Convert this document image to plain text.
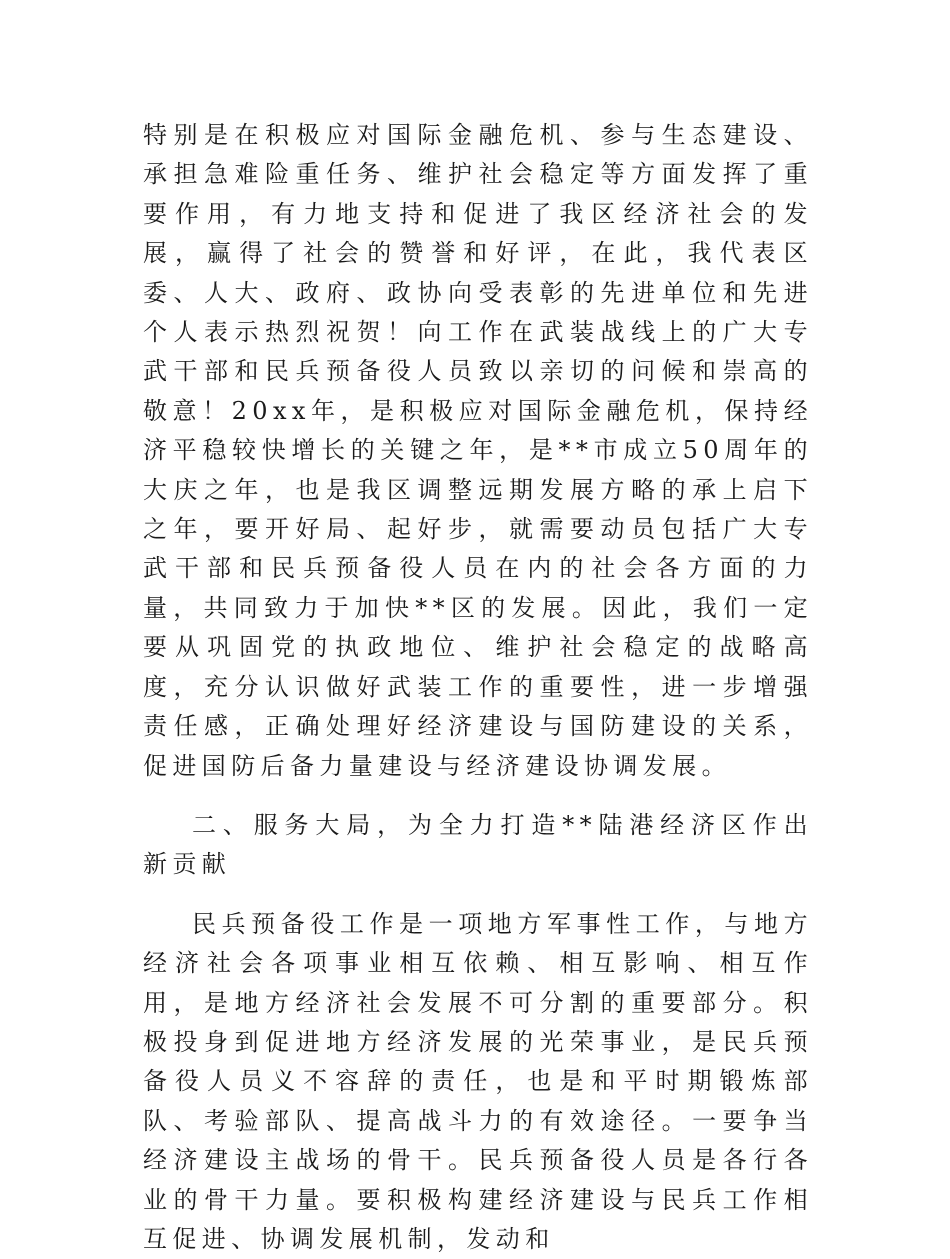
特别是在积极应对国际金融危机、参与生态建设、承担急难险重任务、维护社会稳定等方面发挥了重要作用，有力地支持和促进了我区经济社会的发展，赢得了社会的赞誉和好评，在此，我代表区委、人大、政府、政协向受表彰的先进单位和先进个人表示热烈祝贺！向工作在武装战线上的广大专武干部和民兵预备役人员致以亲切的问候和崇高的敬意！20xx年，是积极应对国际金融危机，保持经济平稳较快增长的关键之年，是**市成立50周年的大庆之年，也是我区调整远期发展方略的承上启下之年，要开好局、起好步，就需要动员包括广大专武干部和民兵预备役人员在内的社会各方面的力量，共同致力于加快**区的发展。因此，我们一定要从巩固党的执政地位、维护社会稳定的战略高度，充分认识做好武装工作的重要性，进一步增强责任感，正确处理好经济建设与国防建设的关系，促进国防后备力量建设与经济建设协调发展。

二、服务大局，为全力打造**陆港经济区作出新贡献

民兵预备役工作是一项地方军事性工作，与地方经济社会各项事业相互依赖、相互影响、相互作用，是地方经济社会发展不可分割的重要部分。积极投身到促进地方经济发展的光荣事业，是民兵预备役人员义不容辞的责任，也是和平时期锻炼部队、考验部队、提高战斗力的有效途径。一要争当经济建设主战场的骨干。民兵预备役人员是各行各业的骨干力量。要积极构建经济建设与民兵工作相互促进、协调发展机制，发动和
